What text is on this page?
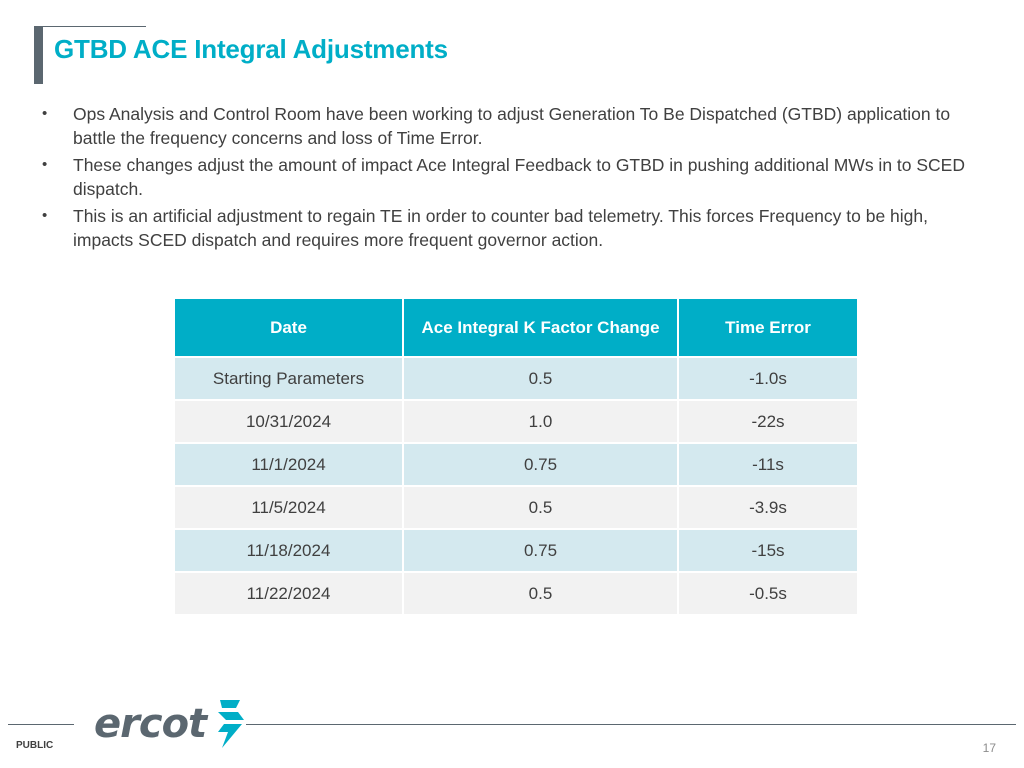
GTBD ACE Integral Adjustments
• Ops Analysis and Control Room have been working to adjust Generation To Be Dispatched (GTBD) application to battle the frequency concerns and loss of Time Error.
• These changes adjust the amount of impact Ace Integral Feedback to GTBD in pushing additional MWs in to SCED dispatch.
• This is an artificial adjustment to regain TE in order to counter bad telemetry. This forces Frequency to be high, impacts SCED dispatch and requires more frequent governor action.
Date	Ace Integral K Factor Change	Time Error
Starting Parameters	0.5	-1.0s
10/31/2024	1.0	-22s
11/1/2024	0.75	-11s
11/5/2024	0.5	-3.9s
11/18/2024	0.75	-15s
11/22/2024	0.5	-0.5s
ercot
PUBLIC	17
